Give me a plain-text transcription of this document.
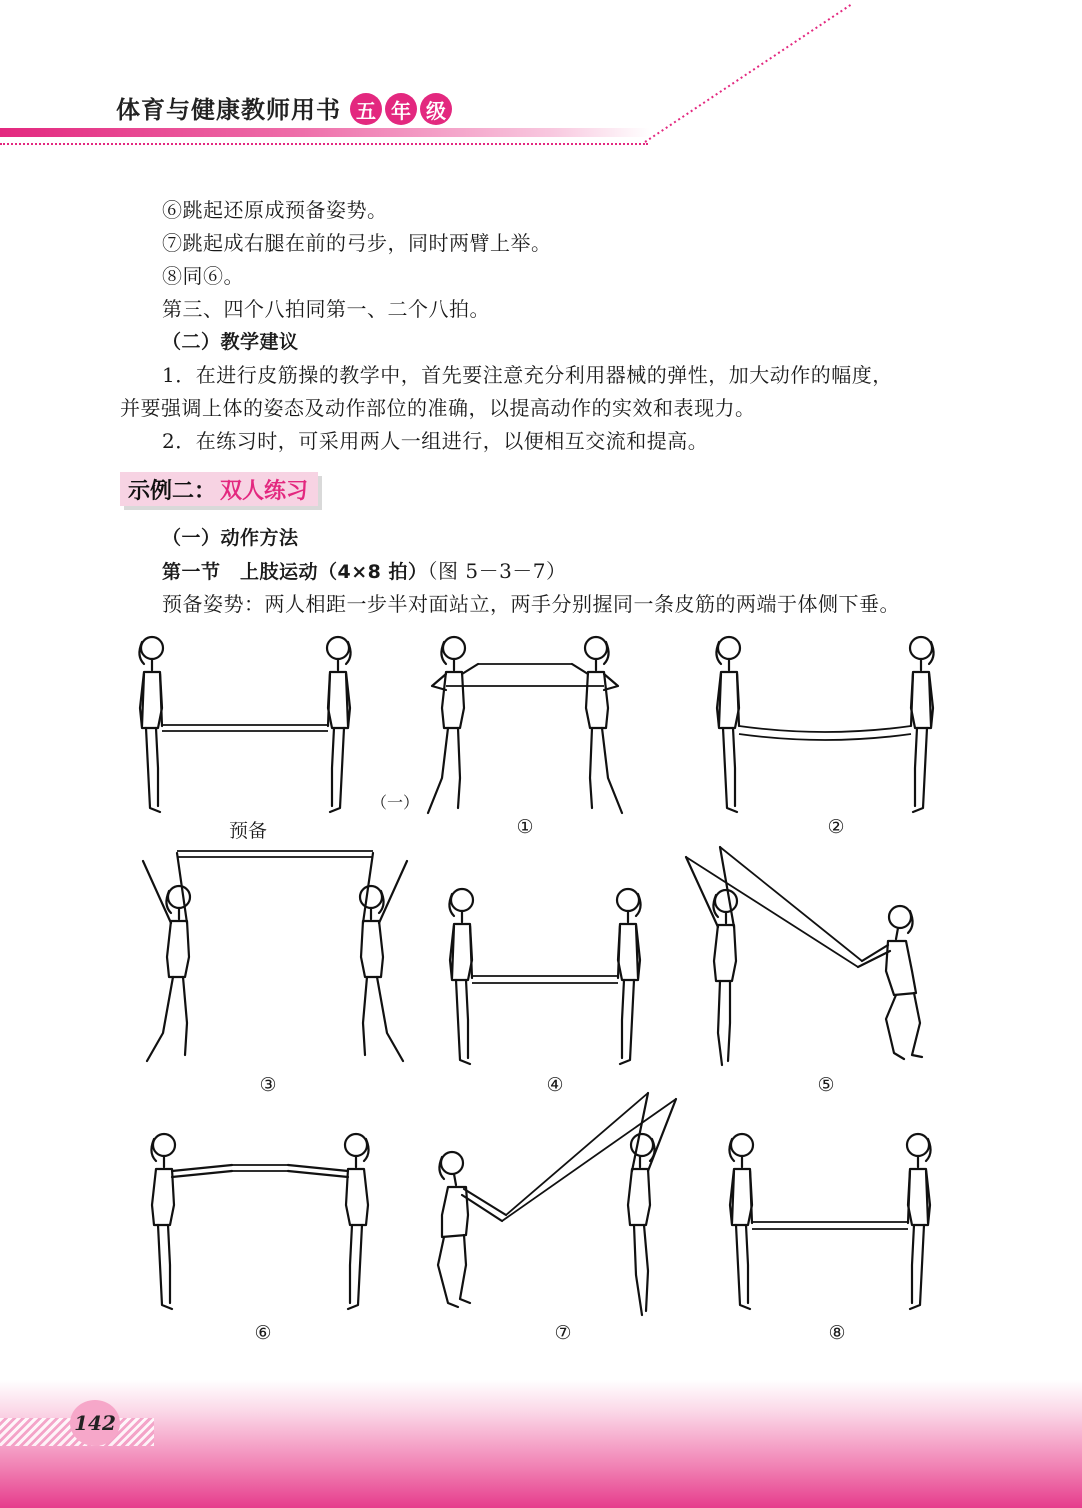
体育与健康教师用书 五 年 级
⑥跳起还原成预备姿势。
⑦跳起成右腿在前的弓步，同时两臂上举。
⑧同⑥。
第三、四个八拍同第一、二个八拍。
（二）教学建议
1．在进行皮筋操的教学中，首先要注意充分利用器械的弹性，加大动作的幅度，
并要强调上体的姿态及动作部位的准确，以提高动作的实效和表现力。
2．在练习时，可采用两人一组进行，以便相互交流和提高。
示例二： 双人练习
（一）动作方法
第一节　上肢运动（4×8 拍）（图 5－3－7）
预备姿势：两人相距一步半对面站立，两手分别握同一条皮筋的两端于体侧下垂。
（一）
预备	①	②
③	④	⑤
⑥	⑦	⑧
142
